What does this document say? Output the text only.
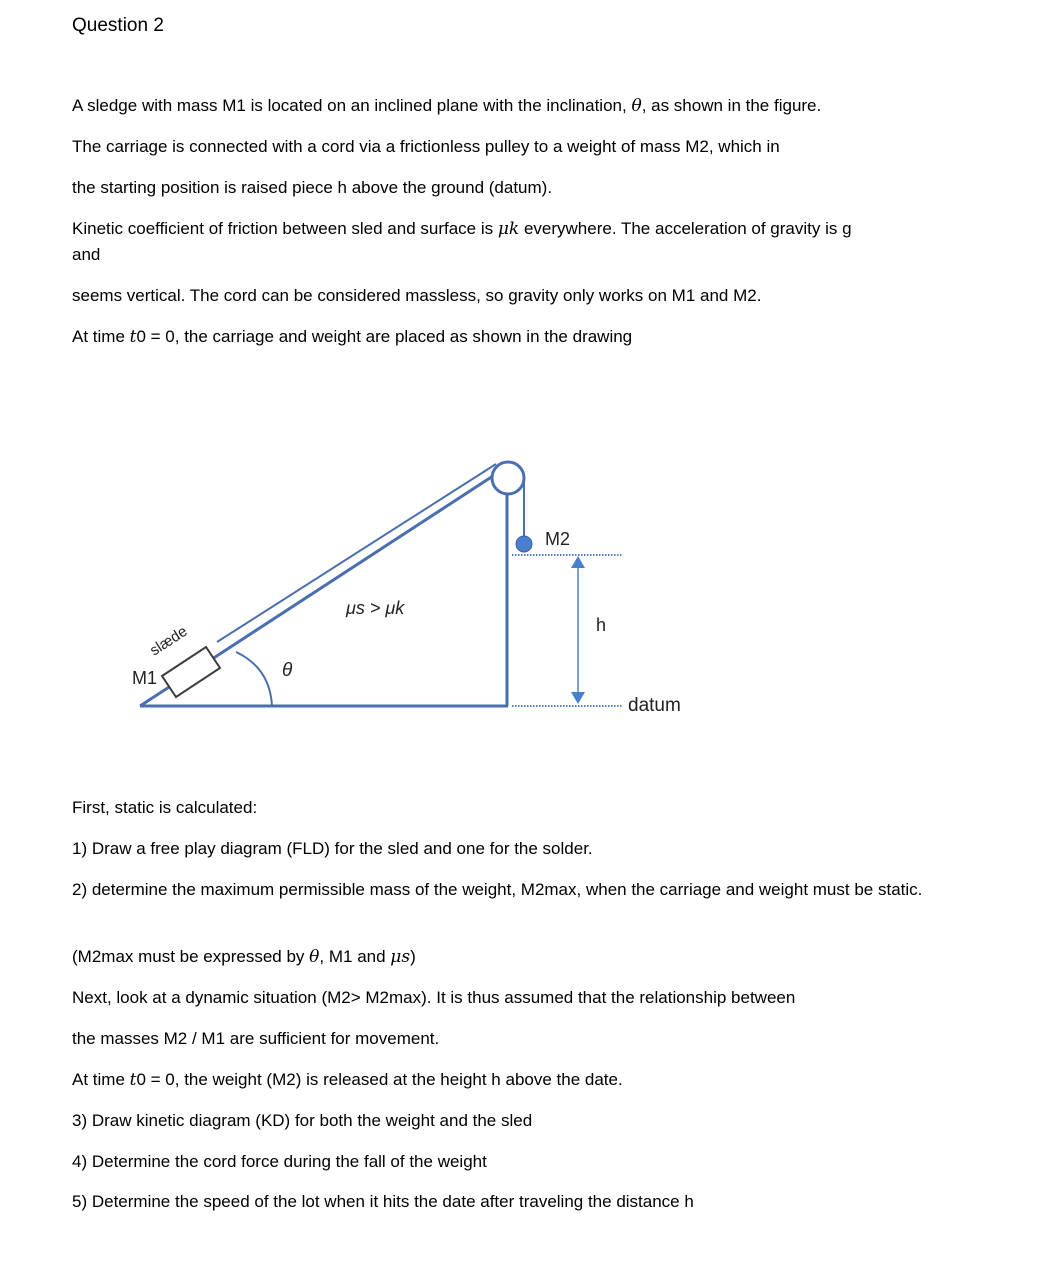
Question 2
A sledge with mass M1 is located on an inclined plane with the inclination, θ, as shown in the figure.
The carriage is connected with a cord via a frictionless pulley to a weight of mass M2, which in
the starting position is raised piece h above the ground (datum).
Kinetic coefficient of friction between sled and surface is μk everywhere. The acceleration of gravity is g
and
seems vertical. The cord can be considered massless, so gravity only works on M1 and M2.
At time t0 = 0, the carriage and weight are placed as shown in the drawing
slæde
M1	θ
μs > μk
M2
h
datum
First, static is calculated:
1) Draw a free play diagram (FLD) for the sled and one for the solder.
2) determine the maximum permissible mass of the weight, M2max, when the carriage and weight must be static.
(M2max must be expressed by θ, M1 and μs)
Next, look at a dynamic situation (M2> M2max). It is thus assumed that the relationship between
the masses M2 / M1 are sufficient for movement.
At time t0 = 0, the weight (M2) is released at the height h above the date.
3) Draw kinetic diagram (KD) for both the weight and the sled
4) Determine the cord force during the fall of the weight
5) Determine the speed of the lot when it hits the date after traveling the distance h
